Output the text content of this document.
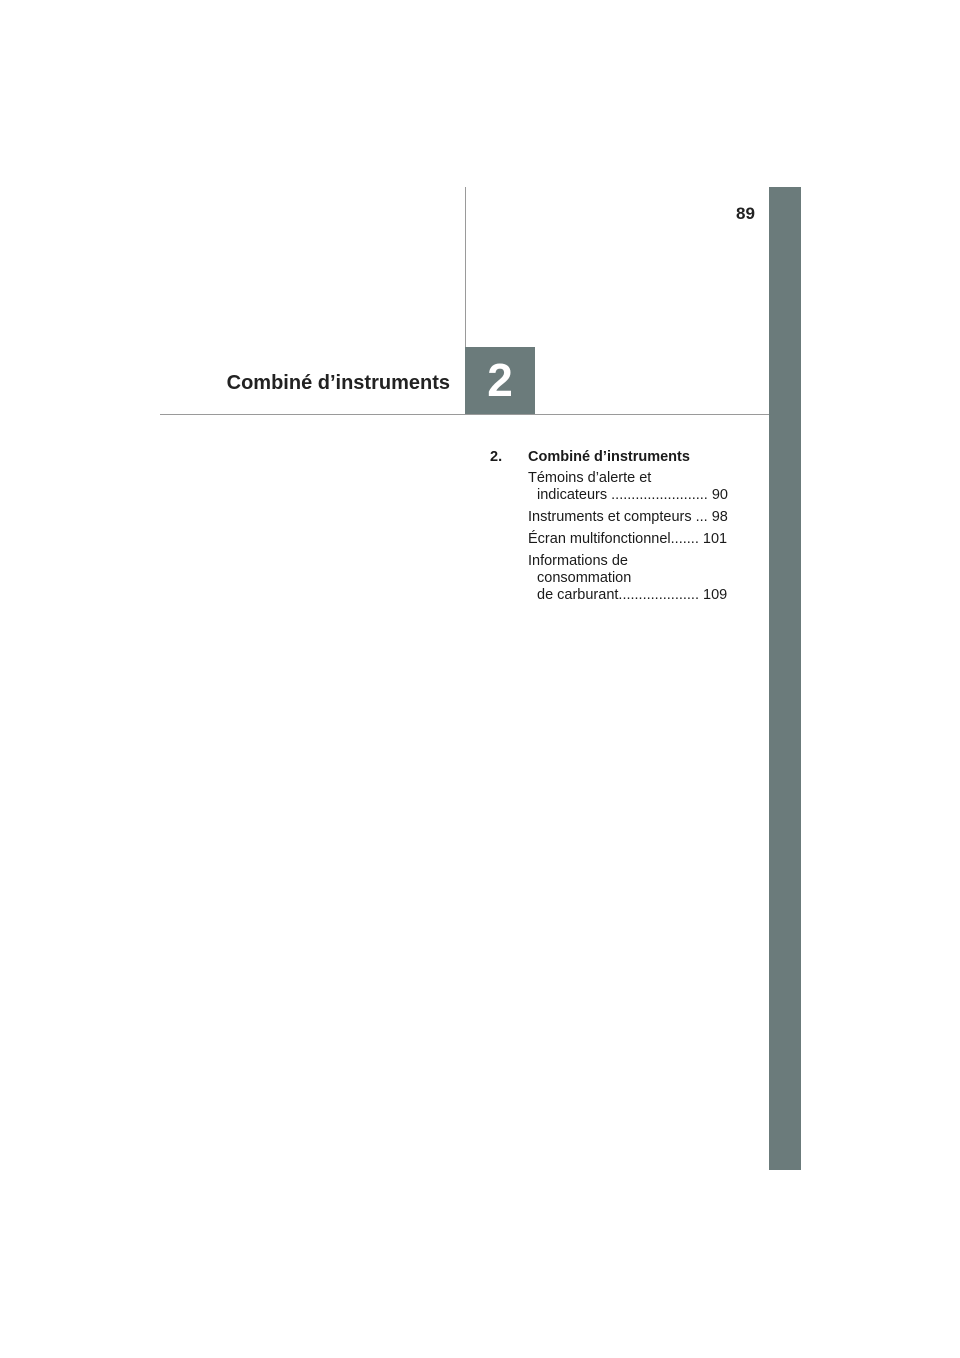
89
Combiné d’instruments 2
2.	Combiné d’instruments
Témoins d’alerte et
indicateurs ........................ 90
Instruments et compteurs ... 98
Écran multifonctionnel....... 101
Informations de
consommation
de carburant.................... 109
